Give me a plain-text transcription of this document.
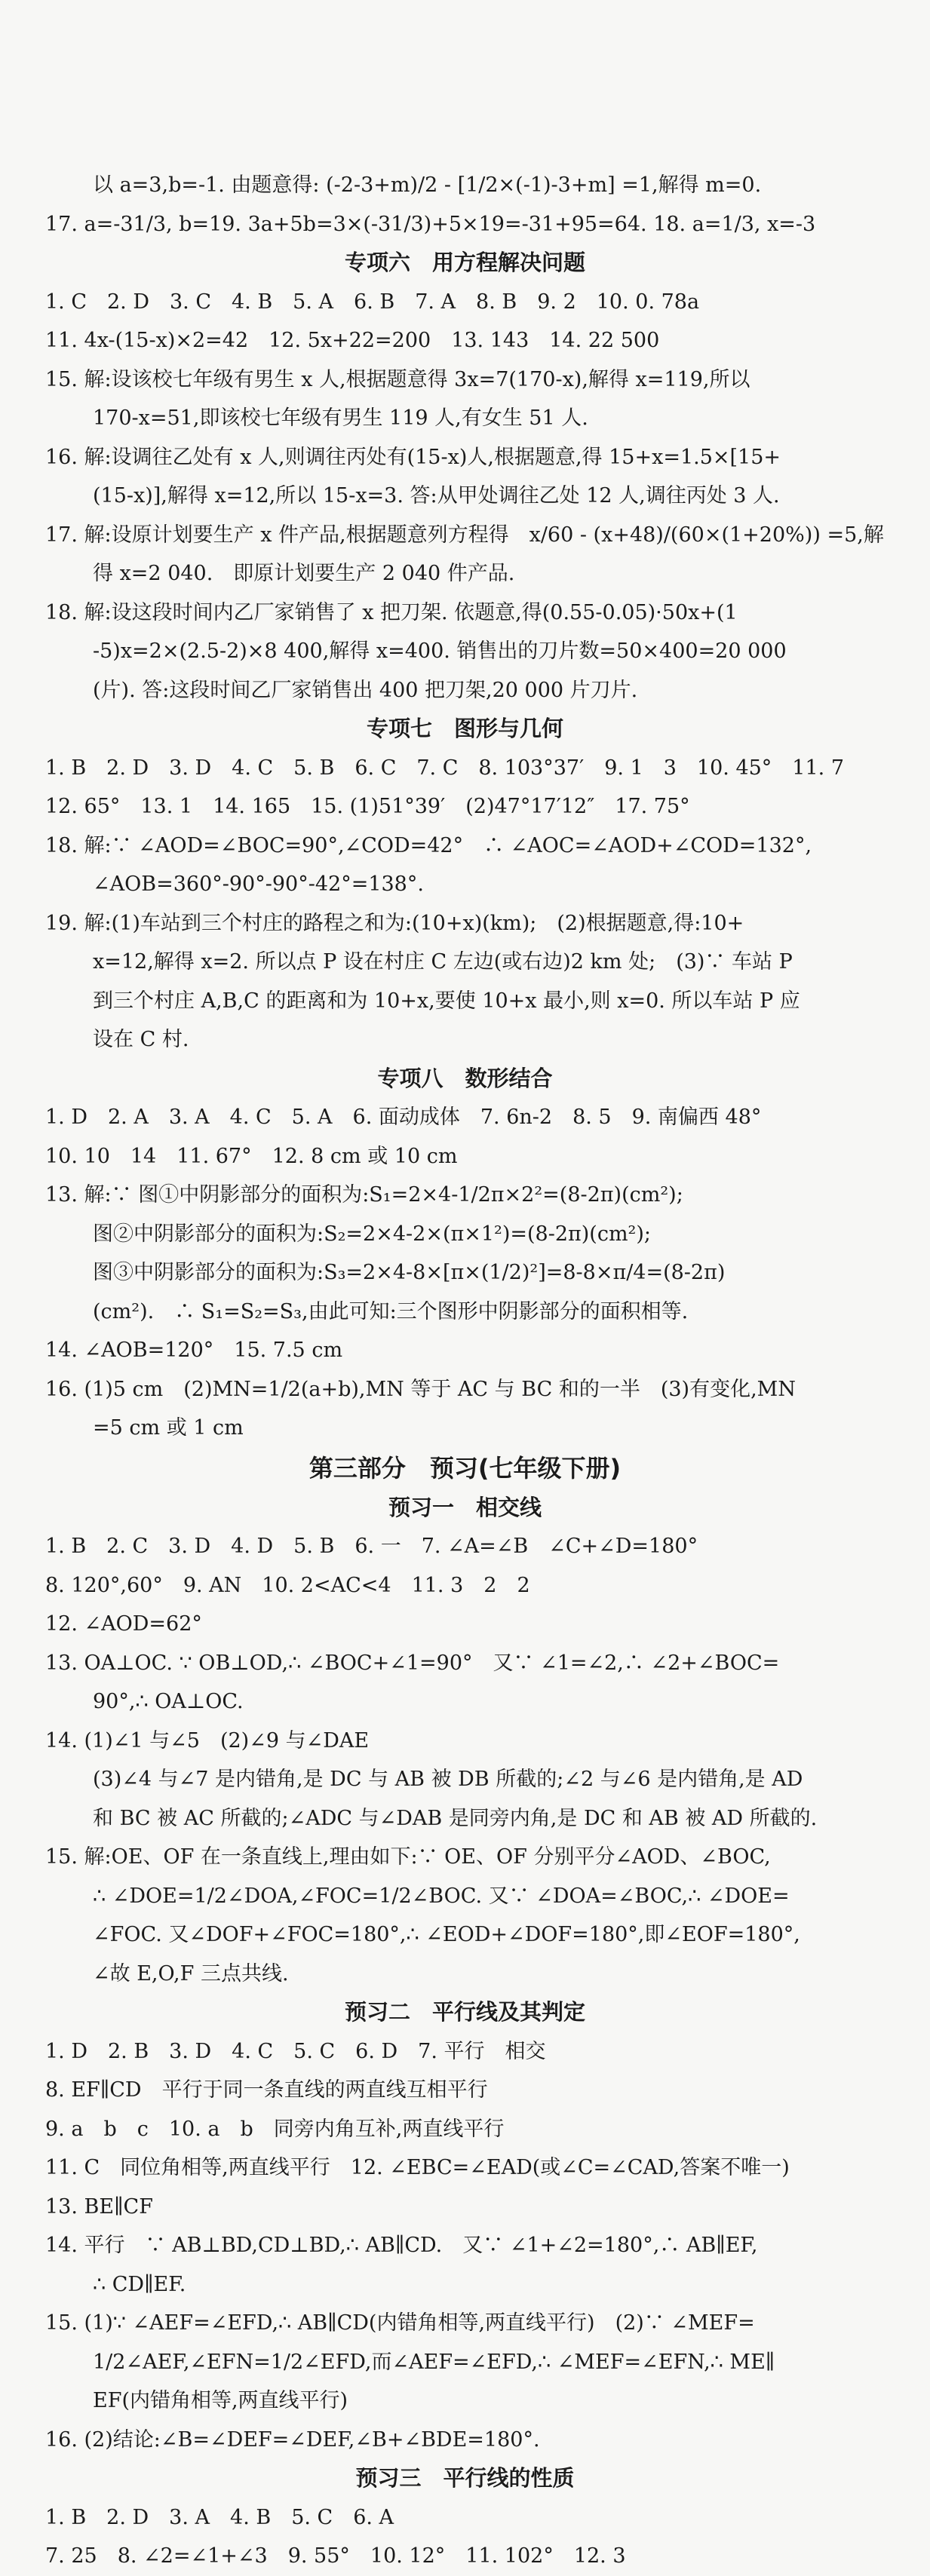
以 a=3,b=-1. 由题意得: (-2-3+m)/2 - [1/2×(-1)-3+m] =1,解得 m=0.
17. a=-31/3, b=19. 3a+5b=3×(-31/3)+5×19=-31+95=64. 18. a=1/3, x=-3
专项六　用方程解决问题
1. C　2. D　3. C　4. B　5. A　6. B　7. A　8. B　9. 2　10. 0. 78a
11. 4x-(15-x)×2=42　12. 5x+22=200　13. 143　14. 22 500
15. 解:设该校七年级有男生 x 人,根据题意得 3x=7(170-x),解得 x=119,所以
170-x=51,即该校七年级有男生 119 人,有女生 51 人.
16. 解:设调往乙处有 x 人,则调往丙处有(15-x)人,根据题意,得 15+x=1.5×[15+
(15-x)],解得 x=12,所以 15-x=3. 答:从甲处调往乙处 12 人,调往丙处 3 人.
17. 解:设原计划要生产 x 件产品,根据题意列方程得　x/60 - (x+48)/(60×(1+20%)) =5,解
得 x=2 040.　即原计划要生产 2 040 件产品.
18. 解:设这段时间内乙厂家销售了 x 把刀架. 依题意,得(0.55-0.05)·50x+(1
-5)x=2×(2.5-2)×8 400,解得 x=400. 销售出的刀片数=50×400=20 000
(片). 答:这段时间乙厂家销售出 400 把刀架,20 000 片刀片.
专项七　图形与几何
1. B　2. D　3. D　4. C　5. B　6. C　7. C　8. 103°37′　9. 1　3　10. 45°　11. 7
12. 65°　13. 1　14. 165　15. (1)51°39′　(2)47°17′12″　17. 75°
18. 解:∵ ∠AOD=∠BOC=90°,∠COD=42°　∴ ∠AOC=∠AOD+∠COD=132°,
∠AOB=360°-90°-90°-42°=138°.
19. 解:(1)车站到三个村庄的路程之和为:(10+x)(km);　(2)根据题意,得:10+
x=12,解得 x=2. 所以点 P 设在村庄 C 左边(或右边)2 km 处;　(3)∵ 车站 P
到三个村庄 A,B,C 的距离和为 10+x,要使 10+x 最小,则 x=0. 所以车站 P 应
设在 C 村.
专项八　数形结合
1. D　2. A　3. A　4. C　5. A　6. 面动成体　7. 6n-2　8. 5　9. 南偏西 48°
10. 10　14　11. 67°　12. 8 cm 或 10 cm
13. 解:∵ 图①中阴影部分的面积为:S₁=2×4-1/2π×2²=(8-2π)(cm²);
图②中阴影部分的面积为:S₂=2×4-2×(π×1²)=(8-2π)(cm²);
图③中阴影部分的面积为:S₃=2×4-8×[π×(1/2)²]=8-8×π/4=(8-2π)
(cm²).　∴ S₁=S₂=S₃,由此可知:三个图形中阴影部分的面积相等.
14. ∠AOB=120°　15. 7.5 cm
16. (1)5 cm　(2)MN=1/2(a+b),MN 等于 AC 与 BC 和的一半　(3)有变化,MN
=5 cm 或 1 cm
第三部分　预习(七年级下册)
预习一　相交线
1. B　2. C　3. D　4. D　5. B　6. 一　7. ∠A=∠B　∠C+∠D=180°
8. 120°,60°　9. AN　10. 2<AC<4　11. 3　2　2
12. ∠AOD=62°
13. OA⊥OC. ∵ OB⊥OD,∴ ∠BOC+∠1=90°　又∵ ∠1=∠2,∴ ∠2+∠BOC=
90°,∴ OA⊥OC.
14. (1)∠1 与∠5　(2)∠9 与∠DAE
(3)∠4 与∠7 是内错角,是 DC 与 AB 被 DB 所截的;∠2 与∠6 是内错角,是 AD
和 BC 被 AC 所截的;∠ADC 与∠DAB 是同旁内角,是 DC 和 AB 被 AD 所截的.
15. 解:OE、OF 在一条直线上,理由如下:∵ OE、OF 分别平分∠AOD、∠BOC,
∴ ∠DOE=1/2∠DOA,∠FOC=1/2∠BOC. 又∵ ∠DOA=∠BOC,∴ ∠DOE=
∠FOC. 又∠DOF+∠FOC=180°,∴ ∠EOD+∠DOF=180°,即∠EOF=180°,
∠故 E,O,F 三点共线.
预习二　平行线及其判定
1. D　2. B　3. D　4. C　5. C　6. D　7. 平行　相交
8. EF∥CD　平行于同一条直线的两直线互相平行
9. a　b　c　10. a　b　同旁内角互补,两直线平行
11. C　同位角相等,两直线平行　12. ∠EBC=∠EAD(或∠C=∠CAD,答案不唯一)
13. BE∥CF
14. 平行　∵ AB⊥BD,CD⊥BD,∴ AB∥CD.　又∵ ∠1+∠2=180°,∴ AB∥EF,
∴ CD∥EF.
15. (1)∵ ∠AEF=∠EFD,∴ AB∥CD(内错角相等,两直线平行)　(2)∵ ∠MEF=
1/2∠AEF,∠EFN=1/2∠EFD,而∠AEF=∠EFD,∴ ∠MEF=∠EFN,∴ ME∥
EF(内错角相等,两直线平行)
16. (2)结论:∠B=∠DEF=∠DEF,∠B+∠BDE=180°.
预习三　平行线的性质
1. B　2. D　3. A　4. B　5. C　6. A
7. 25　8. ∠2=∠1+∠3　9. 55°　10. 12°　11. 102°　12. 3
